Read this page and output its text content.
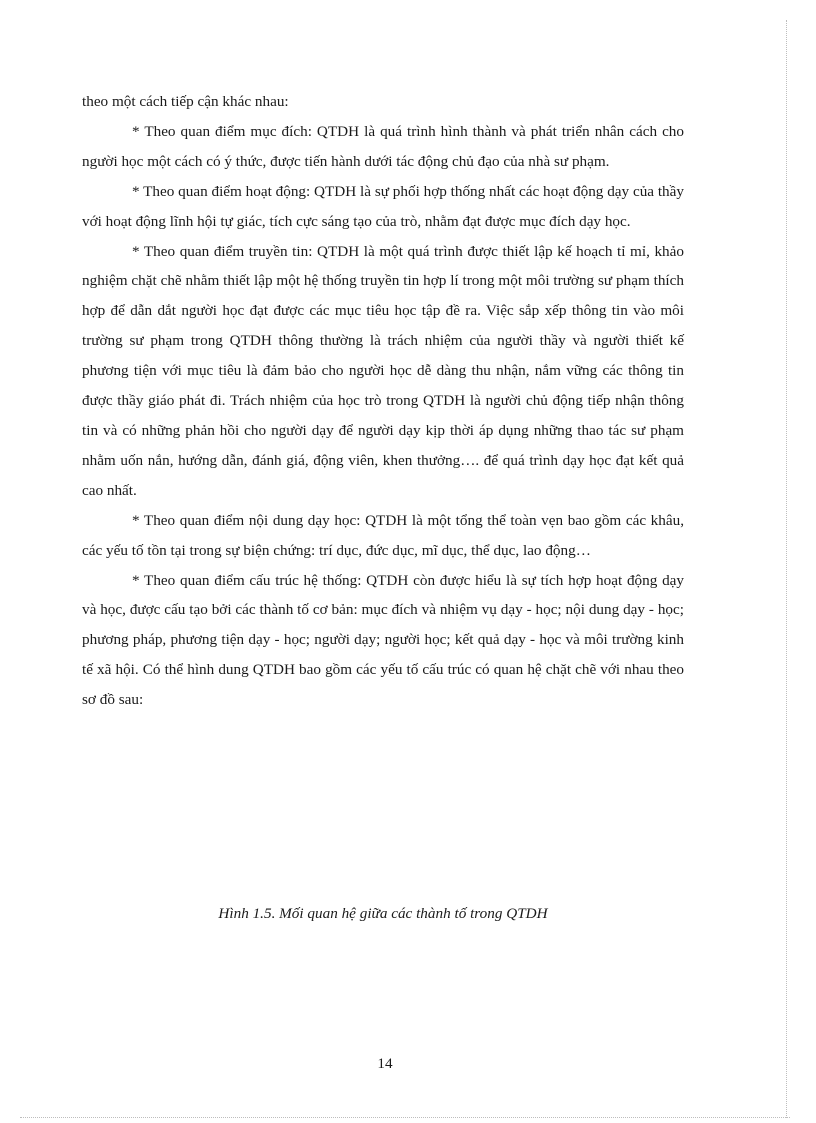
theo một cách tiếp cận khác nhau:

* Theo quan điểm mục đích: QTDH là quá trình hình thành và phát triển nhân cách cho người học một cách có ý thức, được tiến hành dưới tác động chủ đạo của nhà sư phạm.

* Theo quan điểm hoạt động: QTDH là sự phối hợp thống nhất các hoạt động dạy của thầy với hoạt động lĩnh hội tự giác, tích cực sáng tạo của trò, nhằm đạt được mục đích dạy học.

* Theo quan điểm truyền tin: QTDH là một quá trình được thiết lập kế hoạch tỉ mỉ, khảo nghiệm chặt chẽ nhằm thiết lập một hệ thống truyền tin hợp lí trong một môi trường sư phạm thích hợp để dẫn dắt người học đạt được các mục tiêu học tập đề ra. Việc sắp xếp thông tin vào môi trường sư phạm trong QTDH thông thường là trách nhiệm của người thầy và người thiết kế phương tiện với mục tiêu là đảm bảo cho người học dễ dàng thu nhận, nắm vững các thông tin được thầy giáo phát đi. Trách nhiệm của học trò trong QTDH là người chủ động tiếp nhận thông tin và có những phản hồi cho người dạy để người dạy kịp thời áp dụng những thao tác sư phạm nhằm uốn nắn, hướng dẫn, đánh giá, động viên, khen thưởng…. để quá trình dạy học đạt kết quả cao nhất.

* Theo quan điểm nội dung dạy học: QTDH là một tổng thể toàn vẹn bao gồm các khâu, các yếu tố tồn tại trong sự biện chứng: trí dục, đức dục, mĩ dục, thể dục, lao động…

* Theo quan điểm cấu trúc hệ thống: QTDH còn được hiểu là sự tích hợp hoạt động dạy và học, được cấu tạo bởi các thành tố cơ bản: mục đích và nhiệm vụ dạy - học; nội dung dạy - học; phương pháp, phương tiện dạy - học; người dạy; người học; kết quả dạy - học và môi trường kinh tế xã hội. Có thể hình dung QTDH bao gồm các yếu tố cấu trúc có quan hệ chặt chẽ với nhau theo sơ đồ sau:

Hình 1.5. Mối quan hệ giữa các thành tố trong QTDH
14
